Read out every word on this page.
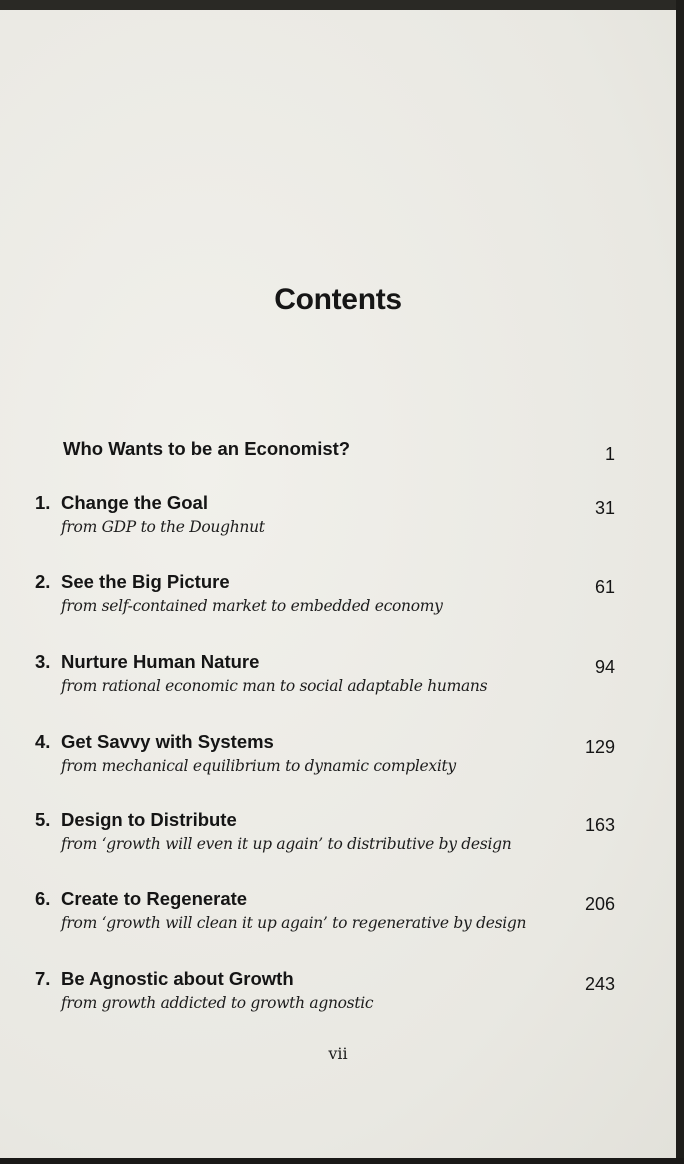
Contents
Who Wants to be an Economist?	1
1. Change the Goal
from GDP to the Doughnut
31
2. See the Big Picture
from self-contained market to embedded economy
61
3. Nurture Human Nature
from rational economic man to social adaptable humans
94
4. Get Savvy with Systems
from mechanical equilibrium to dynamic complexity
129
5. Design to Distribute
from ‘growth will even it up again’ to distributive by design
163
6. Create to Regenerate
from ‘growth will clean it up again’ to regenerative by design
206
7. Be Agnostic about Growth
from growth addicted to growth agnostic
243
vii
